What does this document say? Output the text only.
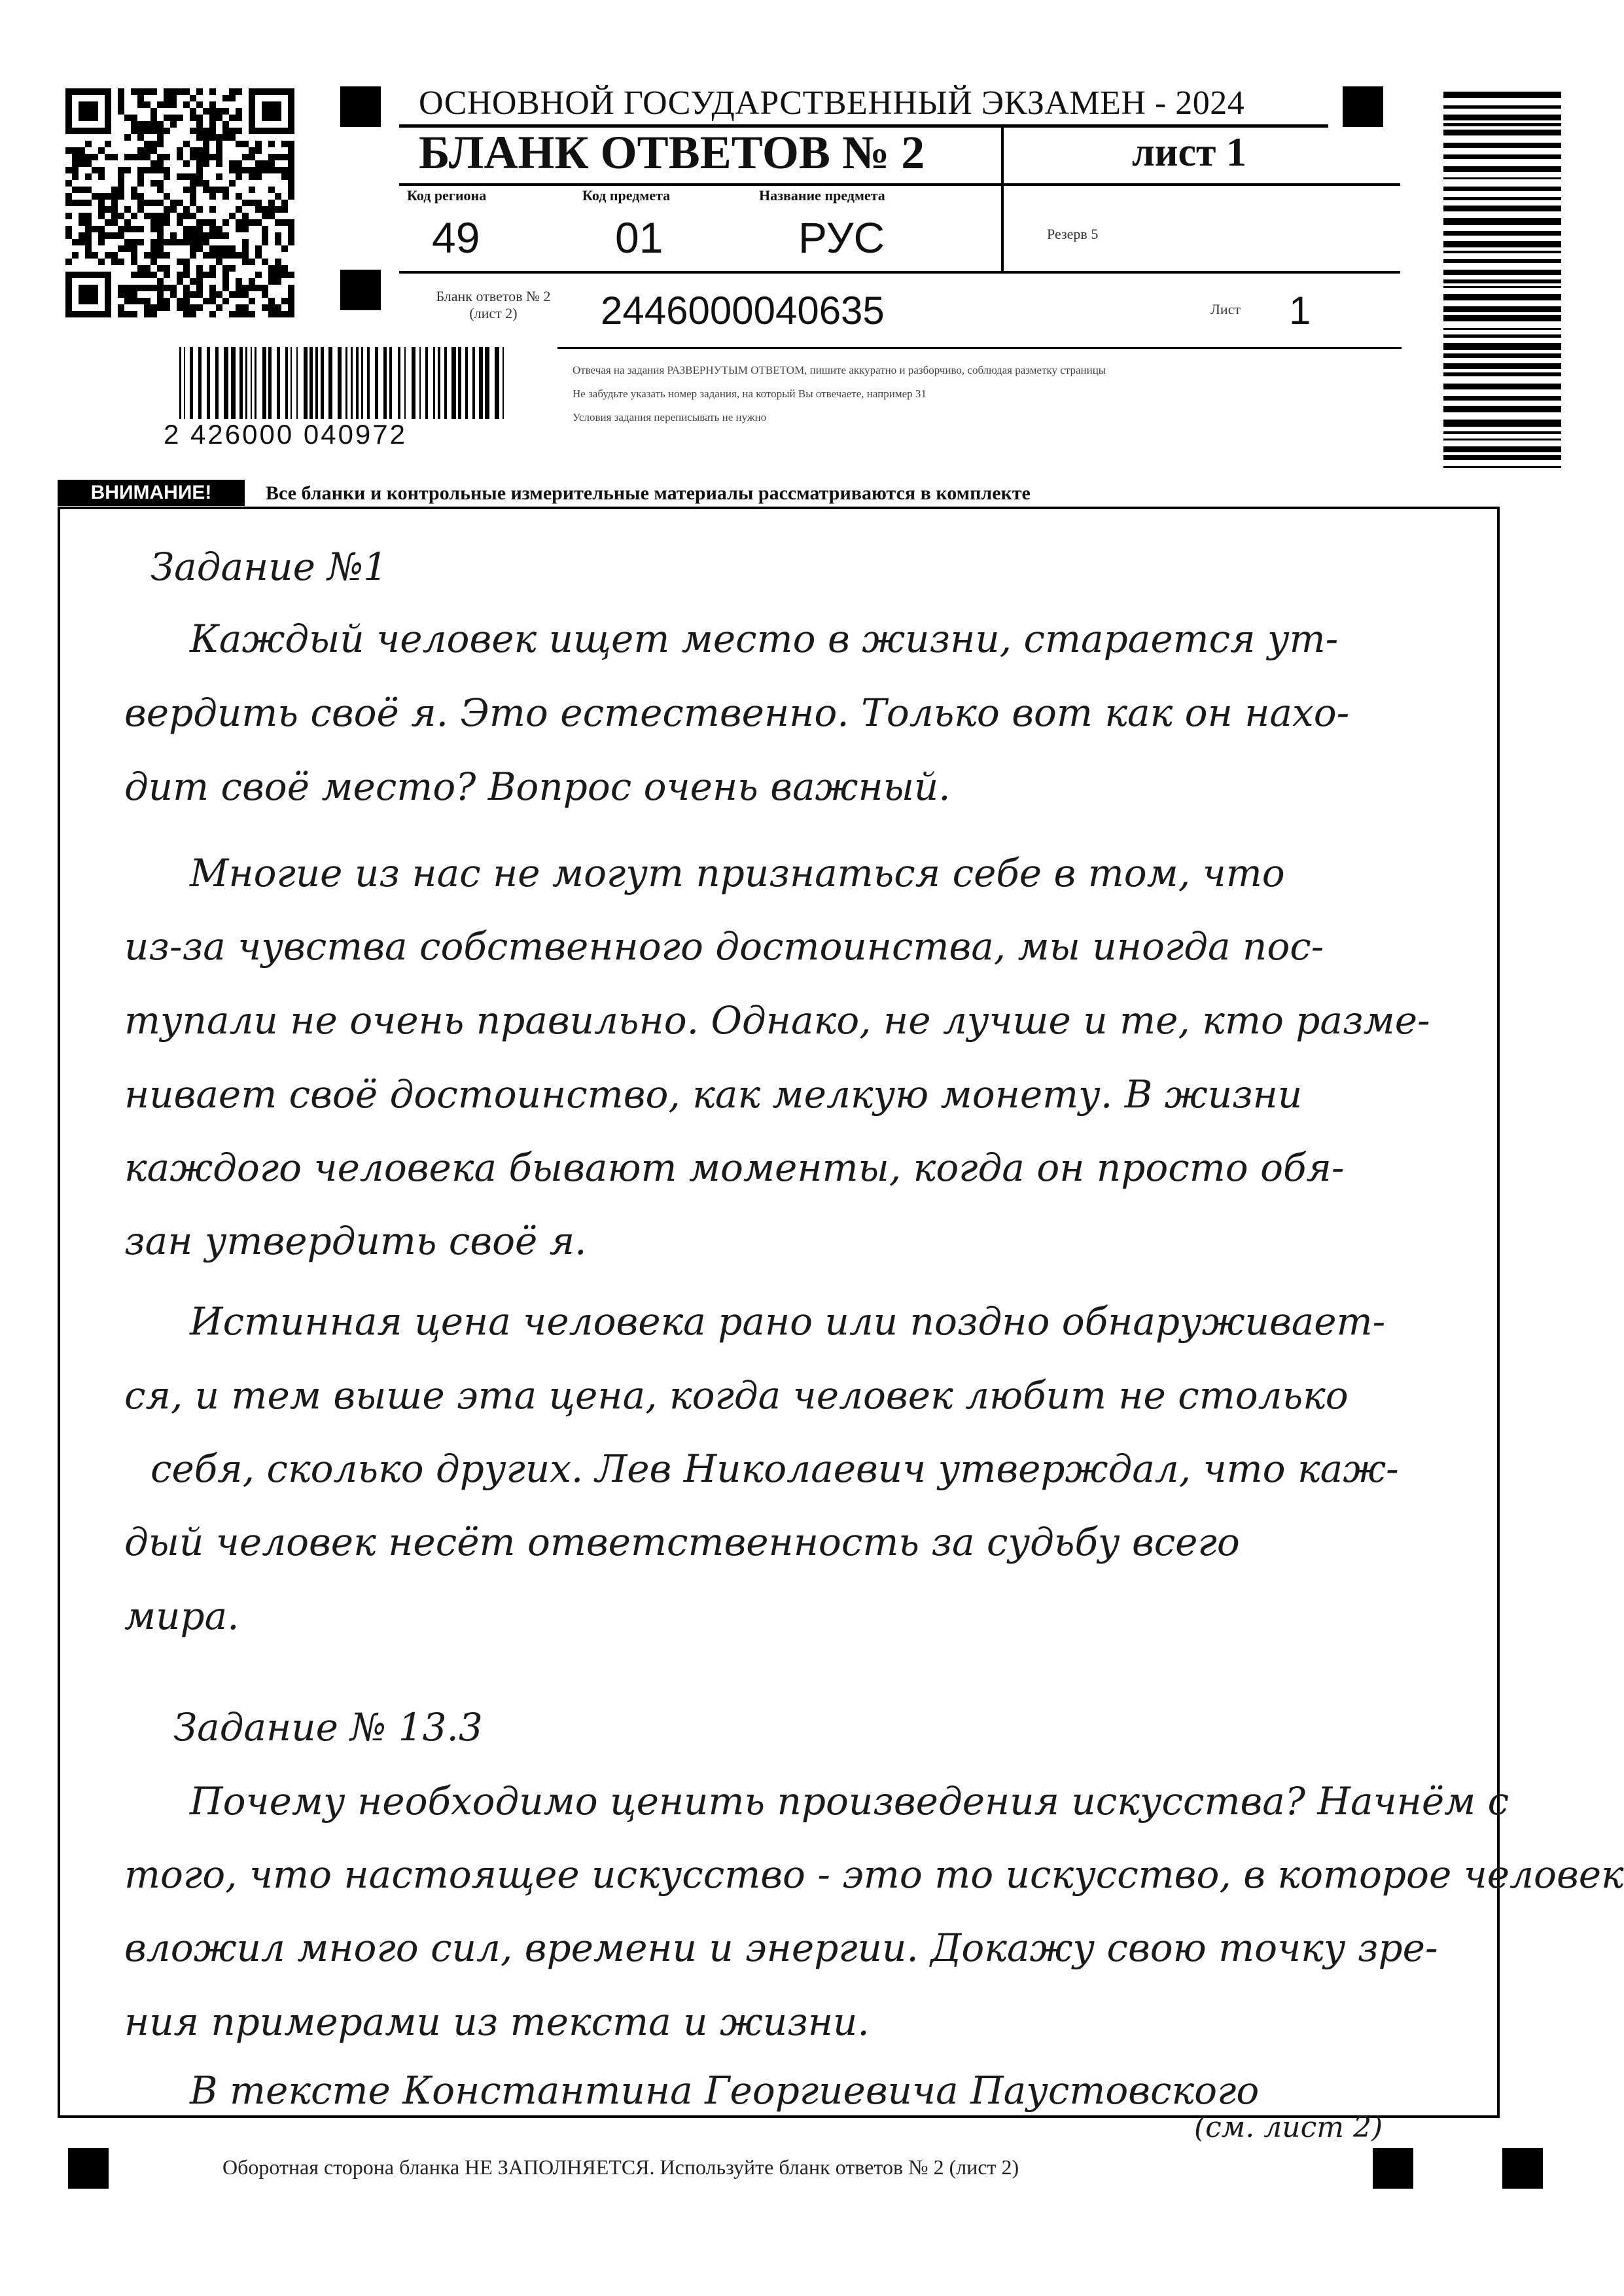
ОСНОВНОЙ ГОСУДАРСТВЕННЫЙ ЭКЗАМЕН - 2024
БЛАНК ОТВЕТОВ № 2	лист 1
Код региона	Код предмета	Название предмета
49	01	РУС	Резерв 5
Бланк ответов № 2
(лист 2)	2446000040635	Лист 1
Отвечая на задания РАЗВЕРНУТЫМ ОТВЕТОМ, пишите аккуратно и разборчиво, соблюдая разметку страницы
Не забудьте указать номер задания, на который Вы отвечаете, например 31
Условия задания переписывать не нужно
2 426000 040972
ВНИМАНИЕ!	Все бланки и контрольные измерительные материалы рассматриваются в комплекте
Задание №1
Каждый человек ищет место в жизни, старается ут-
вердить своё я. Это естественно. Только вот как он нахо-
дит своё место? Вопрос очень важный.
Многие из нас не могут признаться себе в том, что
из-за чувства собственного достоинства, мы иногда пос-
тупали не очень правильно. Однако, не лучше и те, кто разме-
нивает своё достоинство, как мелкую монету. В жизни
каждого человека бывают моменты, когда он просто обя-
зан утвердить своё я.
Истинная цена человека рано или поздно обнаруживает-
ся, и тем выше эта цена, когда человек любит не столько
себя, сколько других. Лев Николаевич утверждал, что каж-
дый человек несёт ответственность за судьбу всего
мира.
Задание № 13.3
Почему необходимо ценить произведения искусства? Начнём с
того, что настоящее искусство - это то искусство, в которое человек
вложил много сил, времени и энергии. Докажу свою точку зре-
ния примерами из текста и жизни.
В тексте Константина Георгиевича Паустовского
(см. лист 2)
Оборотная сторона бланка НЕ ЗАПОЛНЯЕТСЯ. Используйте бланк ответов № 2 (лист 2)
